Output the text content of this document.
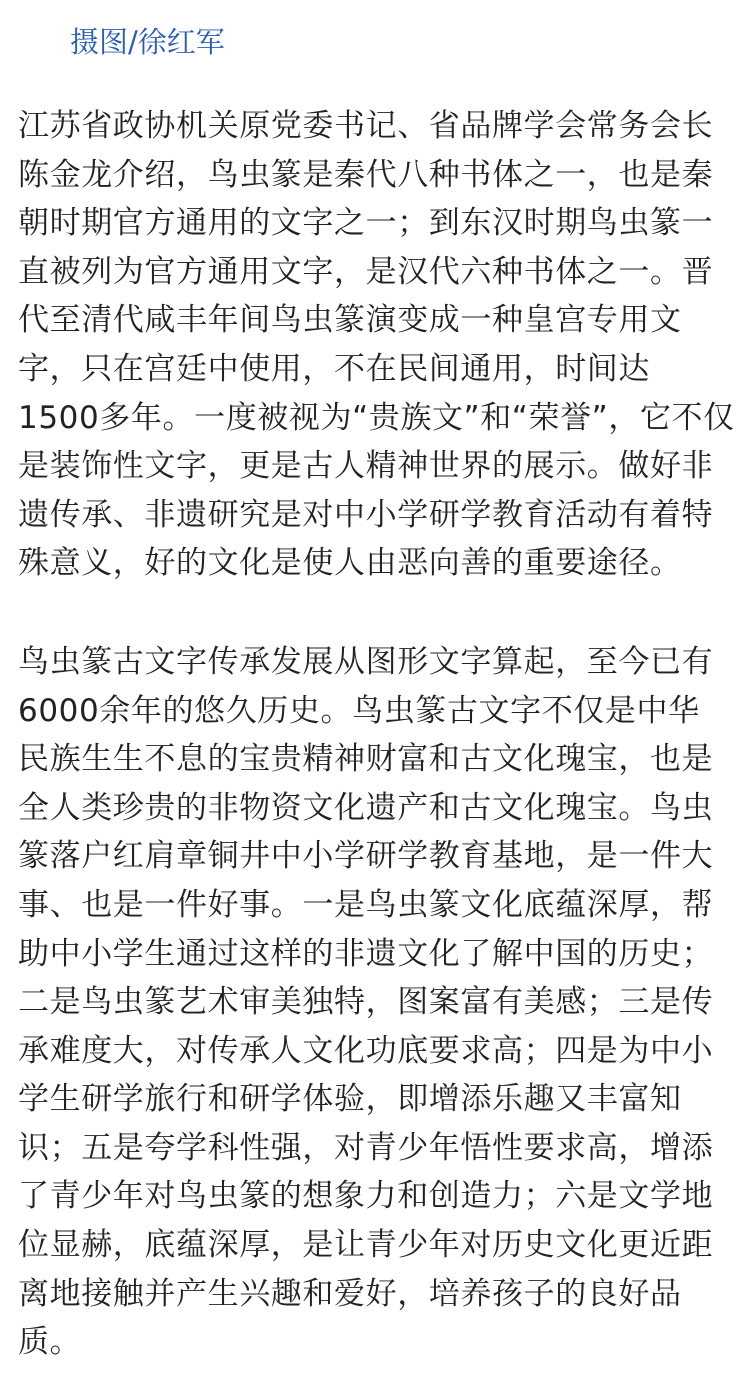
摄图/徐红军

江苏省政协机关原党委书记、省品牌学会常务会长
陈金龙介绍，鸟虫篆是秦代八种书体之一，也是秦
朝时期官方通用的文字之一；到东汉时期鸟虫篆一
直被列为官方通用文字，是汉代六种书体之一。晋
代至清代咸丰年间鸟虫篆演变成一种皇宫专用文
字，只在宫廷中使用，不在民间通用，时间达
1500多年。一度被视为“贵族文”和“荣誉”，它不仅
是装饰性文字，更是古人精神世界的展示。做好非
遗传承、非遗研究是对中小学研学教育活动有着特
殊意义，好的文化是使人由恶向善的重要途径。

鸟虫篆古文字传承发展从图形文字算起，至今已有
6000余年的悠久历史。鸟虫篆古文字不仅是中华
民族生生不息的宝贵精神财富和古文化瑰宝，也是
全人类珍贵的非物资文化遗产和古文化瑰宝。鸟虫
篆落户红肩章铜井中小学研学教育基地，是一件大
事、也是一件好事。一是鸟虫篆文化底蕴深厚，帮
助中小学生通过这样的非遗文化了解中国的历史；
二是鸟虫篆艺术审美独特，图案富有美感；三是传
承难度大，对传承人文化功底要求高；四是为中小
学生研学旅行和研学体验，即增添乐趣又丰富知
识；五是夸学科性强，对青少年悟性要求高，增添
了青少年对鸟虫篆的想象力和创造力；六是文学地
位显赫，底蕴深厚，是让青少年对历史文化更近距
离地接触并产生兴趣和爱好，培养孩子的良好品
质。
